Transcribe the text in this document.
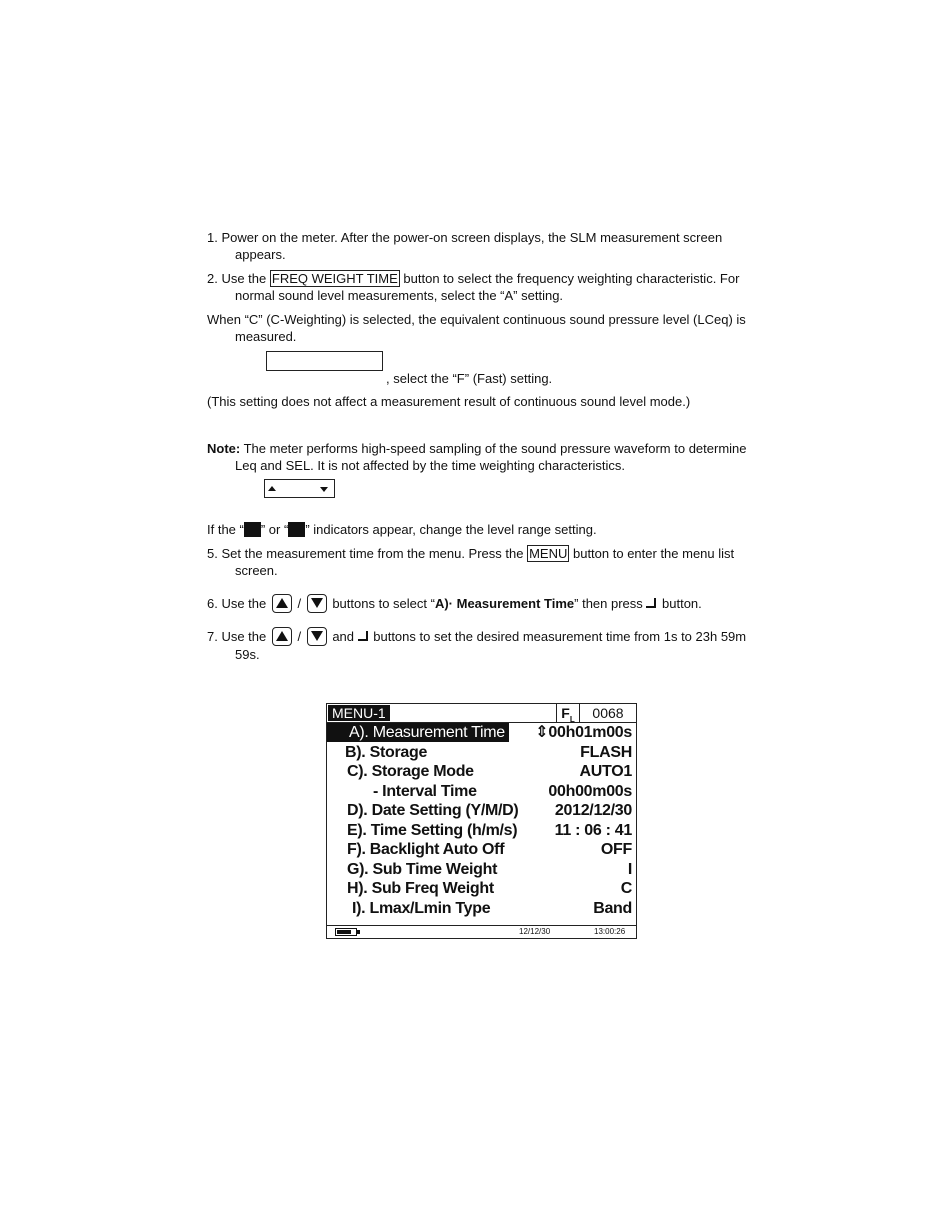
1. Power on the meter. After the power-on screen displays, the SLM measurement screen
appears.
2. Use the FREQ WEIGHT TIME button to select the frequency weighting characteristic. For
normal sound level measurements, select the “A” setting.
When “C” (C-Weighting) is selected, the equivalent continuous sound pressure level (LCeq) is
measured.
, select the “F” (Fast) setting.
(This setting does not affect a measurement result of continuous sound level mode.)
Note: The meter performs high-speed sampling of the sound pressure waveform to determine
Leq and SEL. It is not affected by the time weighting characteristics.
If the “ ” or “ ” indicators appear, change the level range setting.
5. Set the measurement time from the menu. Press the MENU button to enter the menu list
screen.
6. Use the
/
buttons to select “A)· Measurement Time” then press  button.
7. Use the
/
and  buttons to set the desired measurement time from 1s to 23h 59m
59s.
MENU-1	$F_L$	0068
A). Measurement Time ⇕00h01m00s
B). Storage	FLASH
C). Storage Mode	AUTO1
- Interval Time	00h00m00s
D). Date Setting (Y/M/D) 2012/12/30
E). Time Setting (h/m/s) 11 : 06 : 41
F). Backlight Auto Off	OFF
G). Sub Time Weight	I
H). Sub Freq Weight	C
I). Lmax/Lmin Type	Band
12/12/30	13:00:26
